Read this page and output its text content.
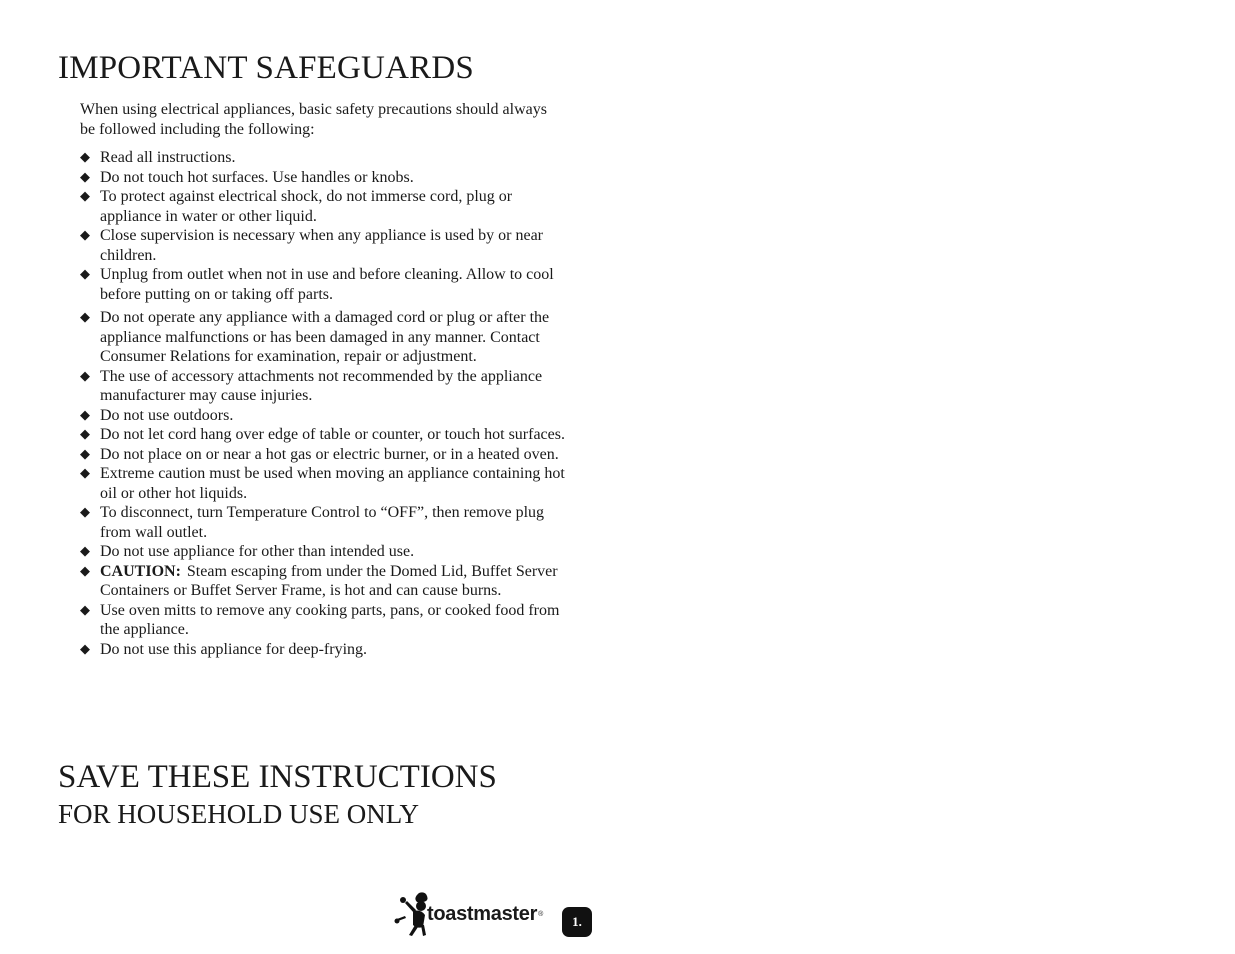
IMPORTANT SAFEGUARDS

When using electrical appliances, basic safety precautions should always be followed including the following:

◆ Read all instructions.
◆ Do not touch hot surfaces. Use handles or knobs.
◆ To protect against electrical shock, do not immerse cord, plug or appliance in water or other liquid.
◆ Close supervision is necessary when any appliance is used by or near children.
◆ Unplug from outlet when not in use and before cleaning. Allow to cool before putting on or taking off parts.
◆ Do not operate any appliance with a damaged cord or plug or after the appliance malfunctions or has been damaged in any manner. Contact Consumer Relations for examination, repair or adjustment.
◆ The use of accessory attachments not recommended by the appliance manufacturer may cause injuries.
◆ Do not use outdoors.
◆ Do not let cord hang over edge of table or counter, or touch hot surfaces.
◆ Do not place on or near a hot gas or electric burner, or in a heated oven.
◆ Extreme caution must be used when moving an appliance containing hot oil or other hot liquids.
◆ To disconnect, turn Temperature Control to “OFF”, then remove plug from wall outlet.
◆ Do not use appliance for other than intended use.
◆ CAUTION: Steam escaping from under the Domed Lid, Buffet Server Containers or Buffet Server Frame, is hot and can cause burns.
◆ Use oven mitts to remove any cooking parts, pans, or cooked food from the appliance.
◆ Do not use this appliance for deep-frying.
SAVE THESE INSTRUCTIONS
FOR HOUSEHOLD USE ONLY
toastmaster ® 1.
